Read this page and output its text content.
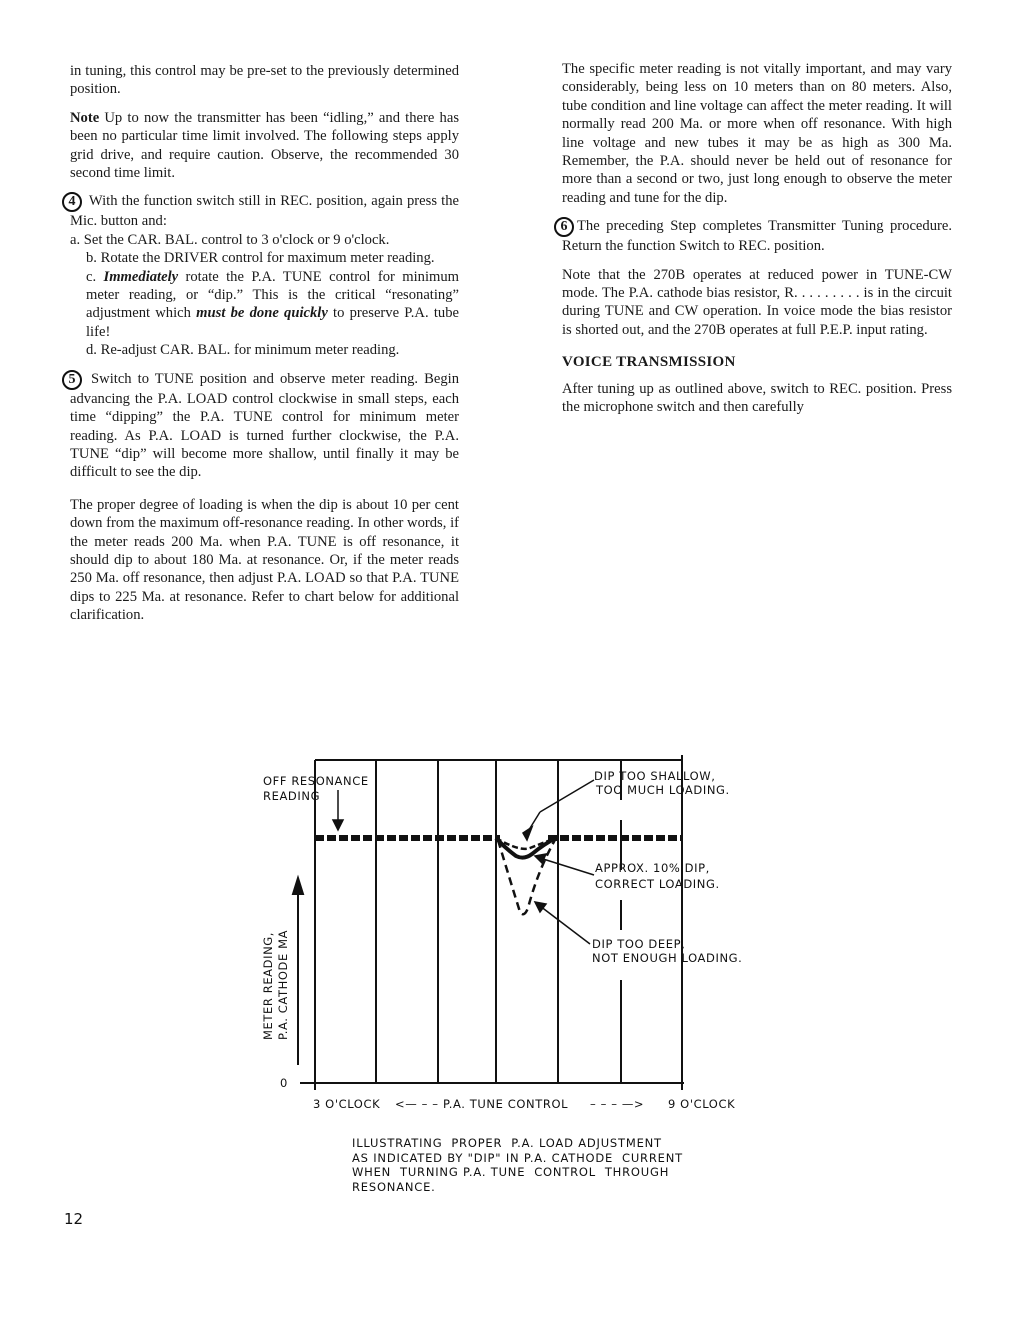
in tuning, this control may be pre-set to the previously determined position.

Note Up to now the transmitter has been “idling,” and there has been no particular time limit involved. The following steps apply grid drive, and require caution. Observe, the recommended 30 second time limit.

4 With the function switch still in REC. position, again press the Mic. button and:
a. Set the CAR. BAL. control to 3 o'clock or 9 o'clock.
b. Rotate the DRIVER control for maximum meter reading.
c. Immediately rotate the P.A. TUNE control for minimum meter reading, or “dip.” This is the critical “resonating” adjustment which must be done quickly to preserve P.A. tube life!
d. Re-adjust CAR. BAL. for minimum meter reading.

5 Switch to TUNE position and observe meter reading. Begin advancing the P.A. LOAD control clockwise in small steps, each time “dipping” the P.A. TUNE control for minimum meter reading. As P.A. LOAD is turned further clockwise, the P.A. TUNE “dip” will become more shallow, until finally it may be difficult to see the dip.

The proper degree of loading is when the dip is about 10 per cent down from the maximum off-resonance reading. In other words, if the meter reads 200 Ma. when P.A. TUNE is off resonance, it should dip to about 180 Ma. at resonance. Or, if the meter reads 250 Ma. off resonance, then adjust P.A. LOAD so that P.A. TUNE dips to 225 Ma. at resonance. Refer to chart below for additional clarification.

The specific meter reading is not vitally important, and may vary considerably, being less on 10 meters than on 80 meters. Also, tube condition and line voltage can affect the meter reading. It will normally read 200 Ma. or more when off resonance. With high line voltage and new tubes it may be as high as 300 Ma. Remember, the P.A. should never be held out of resonance for more than a second or two, just long enough to observe the meter reading and tune for the dip.

6 The preceding Step completes Transmitter Tuning procedure. Return the function Switch to REC. position.

Note that the 270B operates at reduced power in TUNE-CW mode. The P.A. cathode bias resistor, R. . . . . . . . . is in the circuit during TUNE and CW operation. In voice mode the bias resistor is shorted out, and the 270B operates at full P.E.P. input rating.

VOICE TRANSMISSION

After tuning up as outlined above, switch to REC. position. Press the microphone switch and then carefully

OFF RESONANCE
READING
DIP TOO SHALLOW,
TOO MUCH LOADING.
APPROX. 10% DIP,
CORRECT LOADING.
DIP TOO DEEP,
NOT ENOUGH LOADING.
METER READING, P.A. CATHODE MA
0
3 O'CLOCK <— – – P.A. TUNE CONTROL – – – —> 9 O'CLOCK
ILLUSTRATING  PROPER  P.A. LOAD ADJUSTMENT
AS INDICATED BY "DIP" IN P.A. CATHODE  CURRENT
WHEN  TURNING P.A. TUNE  CONTROL  THROUGH
RESONANCE.
12
